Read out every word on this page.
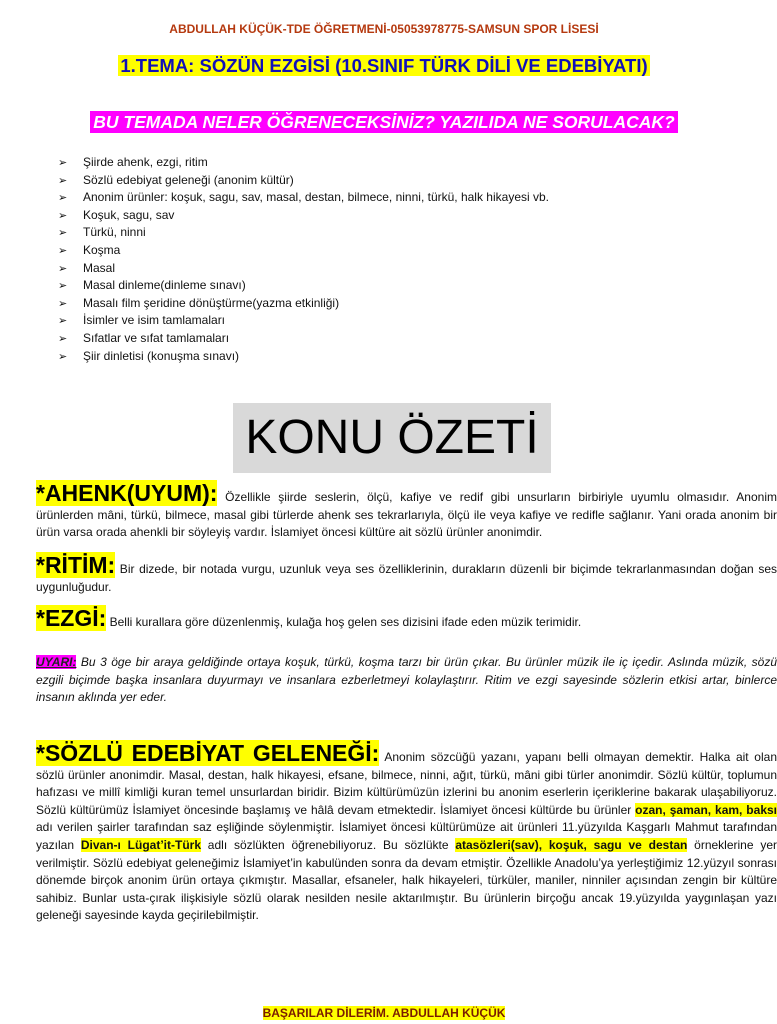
ABDULLAH KÜÇÜK-TDE ÖĞRETMENİ-05053978775-SAMSUN SPOR LİSESİ
1.TEMA: SÖZÜN EZGİSİ (10.SINIF TÜRK DİLİ VE EDEBİYATI)
BU TEMADA NELER ÖĞRENECEKSİNİZ? YAZILIDA NE SORULACAK?
➢ Şiirde ahenk, ezgi, ritim
➢ Sözlü edebiyat geleneği (anonim kültür)
➢ Anonim ürünler: koşuk, sagu, sav, masal, destan, bilmece, ninni, türkü, halk hikayesi vb.
➢ Koşuk, sagu, sav
➢ Türkü, ninni
➢ Koşma
➢ Masal
➢ Masal dinleme(dinleme sınavı)
➢ Masalı film şeridine dönüştürme(yazma etkinliği)
➢ İsimler ve isim tamlamaları
➢ Sıfatlar ve sıfat tamlamaları
➢ Şiir dinletisi (konuşma sınavı)
KONU ÖZETİ
*AHENK(UYUM): Özellikle şiirde seslerin, ölçü, kafiye ve redif gibi unsurların birbiriyle uyumlu olmasıdır. Anonim ürünlerden mâni, türkü, bilmece, masal gibi türlerde ahenk ses tekrarlarıyla, ölçü ile veya kafiye ve redifle sağlanır. Yani orada anonim bir ürün varsa orada ahenkli bir söyleyiş vardır. İslamiyet öncesi kültüre ait sözlü ürünler anonimdir.
*RİTİM: Bir dizede, bir notada vurgu, uzunluk veya ses özelliklerinin, durakların düzenli bir biçimde tekrarlanmasından doğan ses uygunluğudur.
*EZGİ: Belli kurallara göre düzenlenmiş, kulağa hoş gelen ses dizisini ifade eden müzik terimidir.
UYARI: Bu 3 öge bir araya geldiğinde ortaya koşuk, türkü, koşma tarzı bir ürün çıkar. Bu ürünler müzik ile iç içedir. Aslında müzik, sözü ezgili biçimde başka insanlara duyurmayı ve insanlara ezberletmeyi kolaylaştırır. Ritim ve ezgi sayesinde sözlerin etkisi artar, binlerce insanın aklında yer eder.
*SÖZLÜ EDEBİYAT GELENEĞİ: Anonim sözcüğü yazanı, yapanı belli olmayan demektir. Halka ait olan sözlü ürünler anonimdir. Masal, destan, halk hikayesi, efsane, bilmece, ninni, ağıt, türkü, mâni gibi türler anonimdir. Sözlü kültür, toplumun hafızası ve millî kimliği kuran temel unsurlardan biridir. Bizim kültürümüzün izlerini bu anonim eserlerin içeriklerine bakarak ulaşabiliyoruz. Sözlü kültürümüz İslamiyet öncesinde başlamış ve hâlâ devam etmektedir. İslamiyet öncesi kültürde bu ürünler ozan, şaman, kam, baksı adı verilen şairler tarafından saz eşliğinde söylenmiştir. İslamiyet öncesi kültürümüze ait ürünleri 11.yüzyılda Kaşgarlı Mahmut tarafından yazılan Divan-ı Lügat’it-Türk adlı sözlükten öğrenebiliyoruz. Bu sözlükte atasözleri(sav), koşuk, sagu ve destan örneklerine yer verilmiştir. Sözlü edebiyat geleneğimiz İslamiyet’in kabulünden sonra da devam etmiştir. Özellikle Anadolu’ya yerleştiğimiz 12.yüzyıl sonrası dönemde birçok anonim ürün ortaya çıkmıştır. Masallar, efsaneler, halk hikayeleri, türküler, maniler, ninniler açısından zengin bir kültüre sahibiz. Bunlar usta-çırak ilişkisiyle sözlü olarak nesilden nesile aktarılmıştır. Bu ürünlerin birçoğu ancak 19.yüzyılda yaygınlaşan yazı geleneği sayesinde kayda geçirilebilmiştir.
BAŞARILAR DİLERİM. ABDULLAH KÜÇÜK
